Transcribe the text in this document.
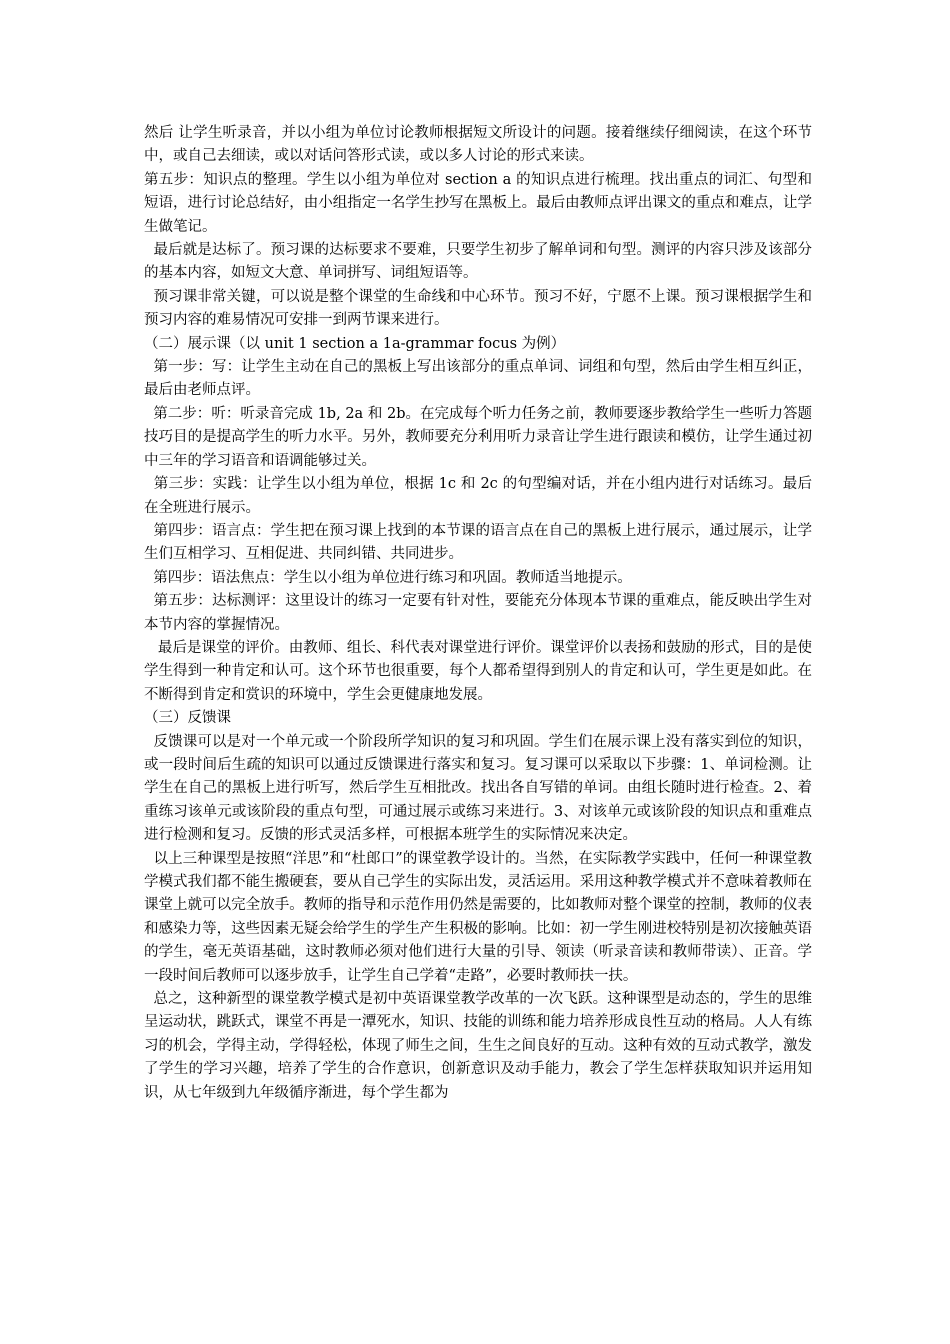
然后 让学生听录音，并以小组为单位讨论教师根据短文所设计的问题。接着继续仔细阅读，在这个环节中，或自己去细读，或以对话问答形式读，或以多人讨论的形式来读。

第五步：知识点的整理。学生以小组为单位对 section a 的知识点进行梳理。找出重点的词汇、句型和短语，进行讨论总结好，由小组指定一名学生抄写在黑板上。最后由教师点评出课文的重点和难点，让学生做笔记。

最后就是达标了。预习课的达标要求不要难，只要学生初步了解单词和句型。测评的内容只涉及该部分的基本内容，如短文大意、单词拼写、词组短语等。

预习课非常关键，可以说是整个课堂的生命线和中心环节。预习不好，宁愿不上课。预习课根据学生和预习内容的难易情况可安排一到两节课来进行。

（二）展示课（以 unit 1 section a 1a-grammar focus 为例）

第一步：写：让学生主动在自己的黑板上写出该部分的重点单词、词组和句型，然后由学生相互纠正，最后由老师点评。

第二步：听：听录音完成 1b, 2a 和 2b。在完成每个听力任务之前，教师要逐步教给学生一些听力答题技巧目的是提高学生的听力水平。另外，教师要充分利用听力录音让学生进行跟读和模仿，让学生通过初中三年的学习语音和语调能够过关。

第三步：实践：让学生以小组为单位，根据 1c 和 2c 的句型编对话，并在小组内进行对话练习。最后在全班进行展示。

第四步：语言点：学生把在预习课上找到的本节课的语言点在自己的黑板上进行展示，通过展示，让学生们互相学习、互相促进、共同纠错、共同进步。

第四步：语法焦点：学生以小组为单位进行练习和巩固。教师适当地提示。

第五步：达标测评：这里设计的练习一定要有针对性，要能充分体现本节课的重难点，能反映出学生对本节内容的掌握情况。

最后是课堂的评价。由教师、组长、科代表对课堂进行评价。课堂评价以表扬和鼓励的形式，目的是使学生得到一种肯定和认可。这个环节也很重要，每个人都希望得到别人的肯定和认可，学生更是如此。在不断得到肯定和赏识的环境中，学生会更健康地发展。

（三）反馈课

反馈课可以是对一个单元或一个阶段所学知识的复习和巩固。学生们在展示课上没有落实到位的知识，或一段时间后生疏的知识可以通过反馈课进行落实和复习。复习课可以采取以下步骤：1、单词检测。让学生在自己的黑板上进行听写，然后学生互相批改。找出各自写错的单词。由组长随时进行检查。2、着重练习该单元或该阶段的重点句型，可通过展示或练习来进行。3、对该单元或该阶段的知识点和重难点进行检测和复习。反馈的形式灵活多样，可根据本班学生的实际情况来决定。

以上三种课型是按照“洋思”和“杜郎口”的课堂教学设计的。当然，在实际教学实践中，任何一种课堂教学模式我们都不能生搬硬套，要从自己学生的实际出发，灵活运用。采用这种教学模式并不意味着教师在课堂上就可以完全放手。教师的指导和示范作用仍然是需要的，比如教师对整个课堂的控制，教师的仪表和感染力等，这些因素无疑会给学生的学生产生积极的影响。比如：初一学生刚进校特别是初次接触英语的学生，毫无英语基础，这时教师必须对他们进行大量的引导、领读（听录音读和教师带读）、正音。学一段时间后教师可以逐步放手，让学生自己学着“走路”，必要时教师扶一扶。

总之，这种新型的课堂教学模式是初中英语课堂教学改革的一次飞跃。这种课型是动态的，学生的思维呈运动状，跳跃式，课堂不再是一潭死水，知识、技能的训练和能力培养形成良性互动的格局。人人有练习的机会，学得主动，学得轻松，体现了师生之间，生生之间良好的互动。这种有效的互动式教学，激发了学生的学习兴趣，培养了学生的合作意识，创新意识及动手能力，教会了学生怎样获取知识并运用知识，从七年级到九年级循序渐进，每个学生都为
